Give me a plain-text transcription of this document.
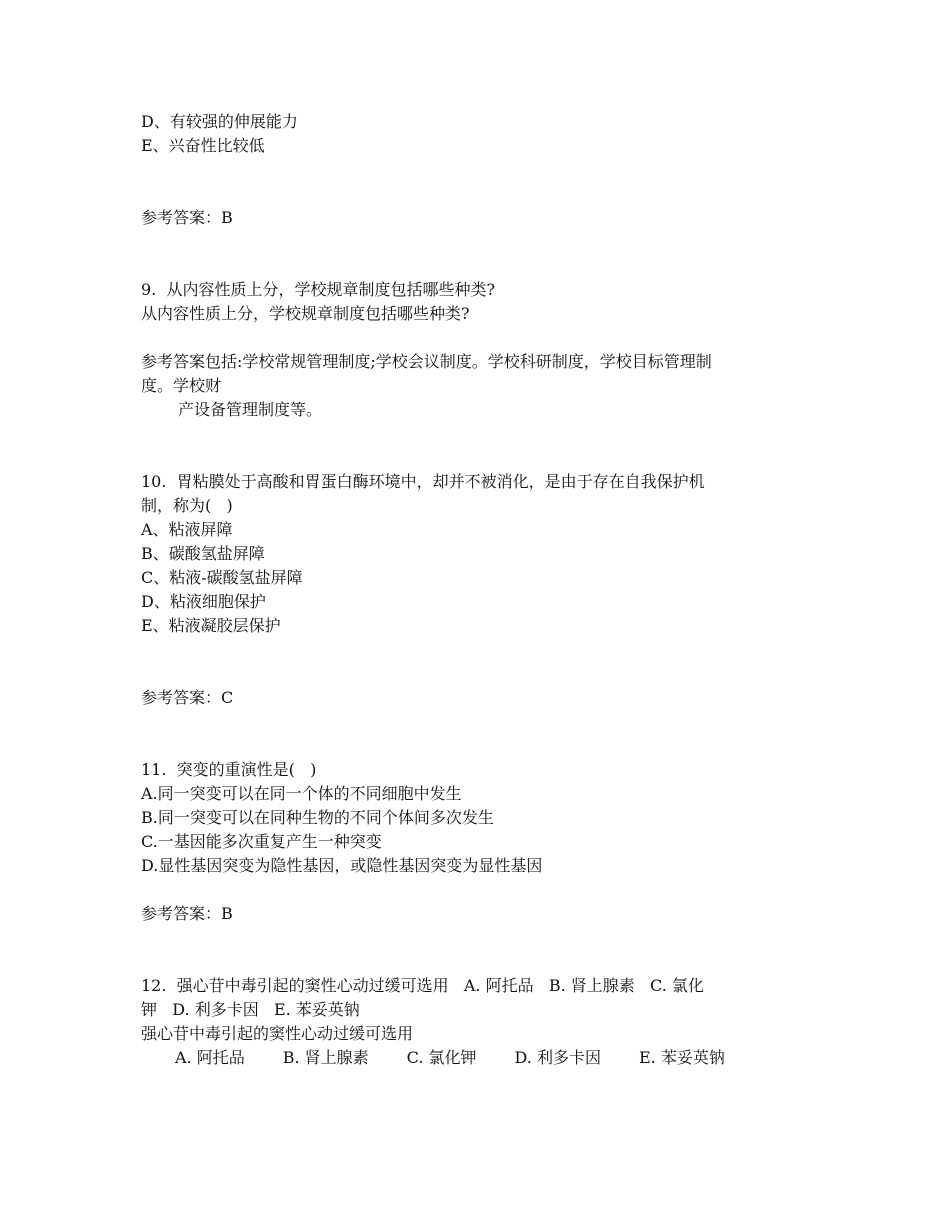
D、有较强的伸展能力

E、兴奋性比较低

参考答案：B

9.  从内容性质上分，学校规章制度包括哪些种类?

从内容性质上分，学校规章制度包括哪些种类?

参考答案包括:学校常规管理制度;学校会议制度。学校科研制度，学校目标管理制

度。学校财

产设备管理制度等。

10.  胃粘膜处于高酸和胃蛋白酶环境中，却并不被消化，是由于存在自我保护机

制，称为(   )

A、粘液屏障

B、碳酸氢盐屏障

C、粘液-碳酸氢盐屏障

D、粘液细胞保护

E、粘液凝胶层保护

参考答案：C

11.  突变的重演性是(   )

A.同一突变可以在同一个体的不同细胞中发生

B.同一突变可以在同种生物的不同个体间多次发生

C.一基因能多次重复产生一种突变

D.显性基因突变为隐性基因，或隐性基因突变为显性基因

参考答案：B

12.  强心苷中毒引起的窦性心动过缓可选用   A. 阿托品   B. 肾上腺素   C. 氯化

钾   D. 利多卡因   E. 苯妥英钠

强心苷中毒引起的窦性心动过缓可选用

A. 阿托品 B. 肾上腺素 C. 氯化钾 D. 利多卡因 E. 苯妥英钠
